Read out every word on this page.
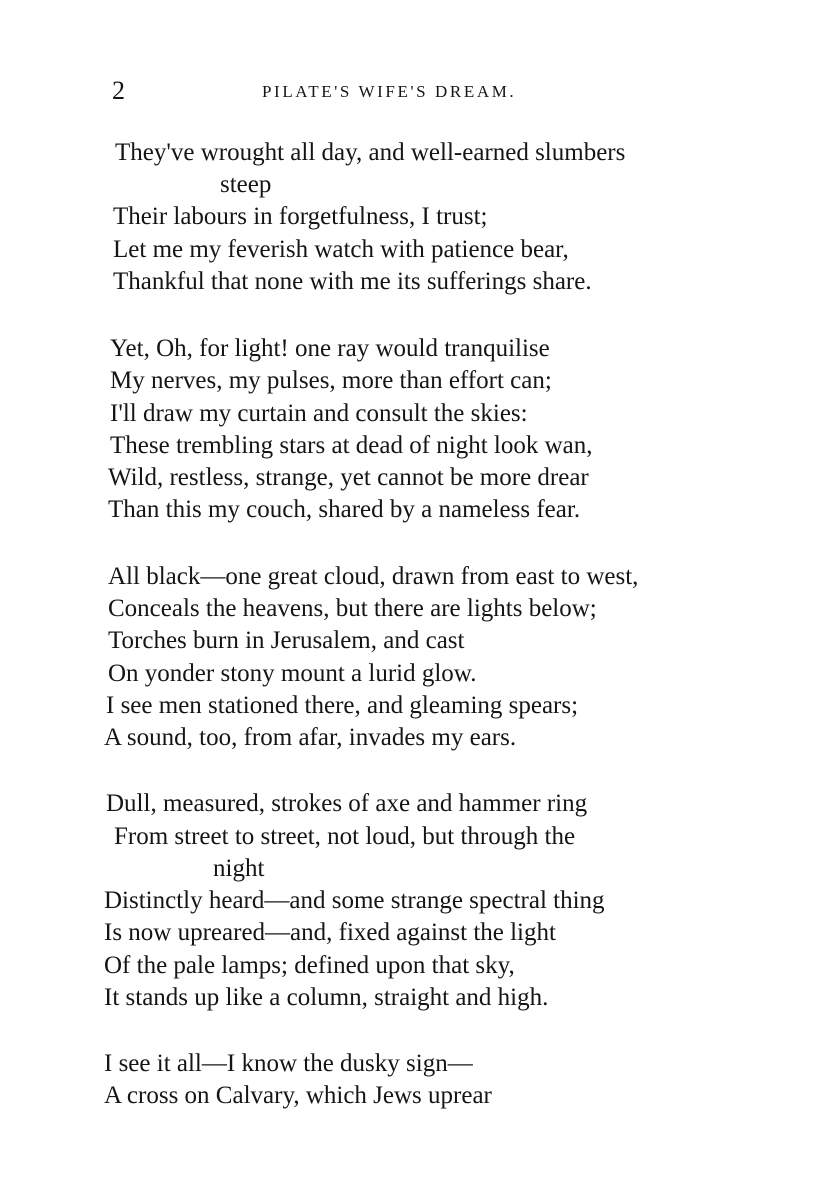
2	PILATE'S WIFE'S DREAM.
They've wrought all day, and well-earned slumbers
steep
Their labours in forgetfulness, I trust;
Let me my feverish watch with patience bear,
Thankful that none with me its sufferings share.
Yet, Oh, for light! one ray would tranquilise
My nerves, my pulses, more than effort can;
I'll draw my curtain and consult the skies:
These trembling stars at dead of night look wan,
Wild, restless, strange, yet cannot be more drear
Than this my couch, shared by a nameless fear.
All black—one great cloud, drawn from east to west,
Conceals the heavens, but there are lights below;
Torches burn in Jerusalem, and cast
On yonder stony mount a lurid glow.
I see men stationed there, and gleaming spears;
A sound, too, from afar, invades my ears.
Dull, measured, strokes of axe and hammer ring
From street to street, not loud, but through the
night
Distinctly heard—and some strange spectral thing
Is now upreared—and, fixed against the light
Of the pale lamps; defined upon that sky,
It stands up like a column, straight and high.
I see it all—I know the dusky sign—
A cross on Calvary, which Jews uprear
